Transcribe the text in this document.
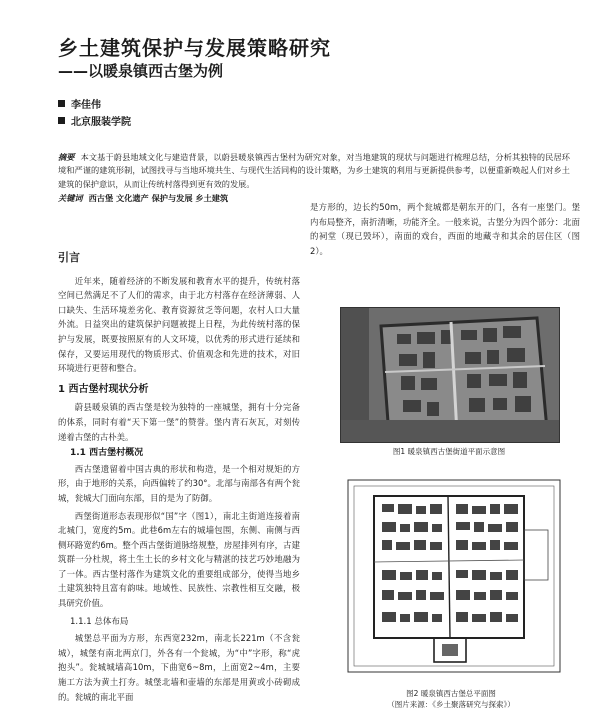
乡土建筑保护与发展策略研究
——以暖泉镇西古堡为例
李佳伟
北京服装学院
摘要 本文基于蔚县地域文化与建造背景，以蔚县暖泉镇西古堡村为研究对象，对当地建筑的现状与问题进行梳理总结，分析其独特的民居环境和严谨的建筑形制，试图找寻与当地环境共生、与现代生活同构的设计策略，为乡土建筑的利用与更新提供参考，以便重新唤起人们对乡土建筑的保护意识，从而让传统村落得到更有效的发展。
关键词 西古堡 文化遗产 保护与发展 乡土建筑
引言

近年来，随着经济的不断发展和教育水平的提升，传统村落空间已然满足不了人们的需求，由于北方村落存在经济薄弱、人口缺失、生活环境差劣化、教育资源贫乏等问题，农村人口大量外流。日益突出的建筑保护问题被提上日程，为此传统村落的保护与发展，既要按照原有的人文环境，以优秀的形式进行延续和保存，又要运用现代的物质形式、价值观念和先进的技术，对旧环境进行更替和整合。

1 西古堡村现状分析

蔚县暖泉镇的西古堡是较为独特的一座城堡，拥有十分完备的体系，同时有着“天下第一堡”的赞誉。堡内青石灰瓦，对刻传递着古堡的古朴美。

1.1 西古堡村概况

西古堡遗留着中国古典的形状和构造，是一个相对规矩的方形，由于地形的关系，向西偏转了约30°。北部与南部各有两个瓮城，瓮城大门面向东部，目的是为了防御。

西堡街道形态表现形似“国”字（图1），南北主街道连接着南北城门，宽度约5m。此巷6m左右的城墙包围，东侧、南侧与西侧环路宽约6m。整个西古堡街道脉络规整，房屋排列有序，古建筑群一分杜规，将土生土长的乡村文化与精湛的技艺巧妙地融为了一体。西古堡村落作为建筑文化的重要组成部分，使得当地乡土建筑独特且富有韵味。地域性、民族性、宗教性相互交融，极具研究价值。

1.1.1 总体布局

城堡总平面为方形，东西宽232m，南北长221m（不含瓮城），城堡有南北两京门，外各有一个瓮城，为“中”字形，称“虎抱头”。瓮城城墙高10m，下曲宽6~8m，上面宽2~4m，主要施工方法为黄土打夯。城堡北墙和壶墙的东部是用黄或小砖砌成的。瓮城的南北平面

是方形的，边长约50m，两个瓮城都是朝东开的门，各有一座堡门。堡内布局整齐，南折清晰，功能齐全。一般来说，古堡分为四个部分：北面的祠堂（现已毁坏），南面的戏台，西面的地藏寺和其余的居住区（图2）。

图1 暖泉镇西古堡街道平面示意图
图2 暖泉镇西古堡总平面图
（图片来源：《乡土聚落研究与探索》）
